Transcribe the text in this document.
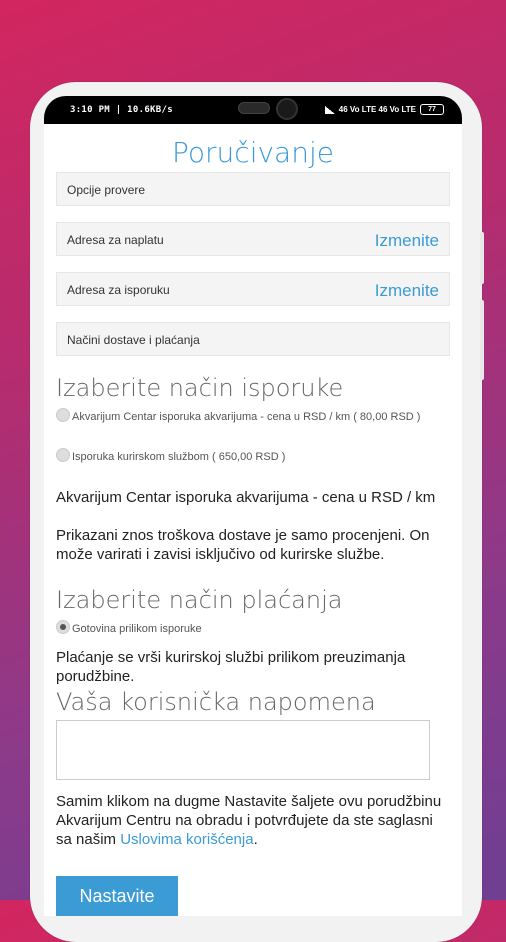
3:10 PM | 10.6KB/s	46 Vo LTE 46 Vo LTE	77
Poručivanje
Opcije provere
Adresa za naplatu	Izmenite
Adresa za isporuku	Izmenite
Načini dostave i plaćanja
Izaberite način isporuke
Akvarijum Centar isporuka akvarijuma - cena u RSD / km ( 80,00 RSD )
Isporuka kurirskom službom ( 650,00 RSD )
Akvarijum Centar isporuka akvarijuma - cena u RSD / km
Prikazani znos troškova dostave je samo procenjeni. On može varirati i zavisi isključivo od kurirske službe.
Izaberite način plaćanja
Gotovina prilikom isporuke
Plaćanje se vrši kurirskoj službi prilikom preuzimanja porudžbine.
Vaša korisnička napomena
Samim klikom na dugme Nastavite šaljete ovu porudžbinu Akvarijum Centru na obradu i potvrđujete da ste saglasni sa našim Uslovima korišćenja.
Nastavite
